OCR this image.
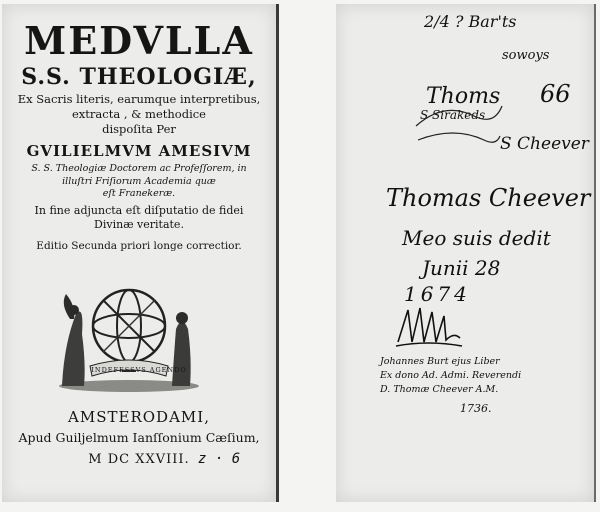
MEDVLLA
S.S. THEOLOGIÆ,
Ex Sacris literis, earumque interpretibus,
extracta , & methodice
dispoſita Per
GVILIELMVM AMESIVM
S. S. Theologiæ Doctorem ac Profeſſorem, in
illuſtri Friſiorum Academia quæ
eſt Franekeræ.
In fine adjuncta eſt diſputatio de fidei
Divinæ veritate.
Editio Secunda priori longe correctior.
INDEFESSVS AGENDO
AMSTERODAMI,
Apud Guiljelmum Ianſſonium Cæſium,
M DC XXVIII. z · 6
2/4 ? Bar'ts
sowoys
Thoms
S Sirakeds
66
S Cheever
Thomas Cheever
Meo suis dedit
Junii 28
1674
Johannes Burt ejus Liber
Ex dono Ad. Admi. Reverendi
D. Thomæ Cheever A.M.
1736.
